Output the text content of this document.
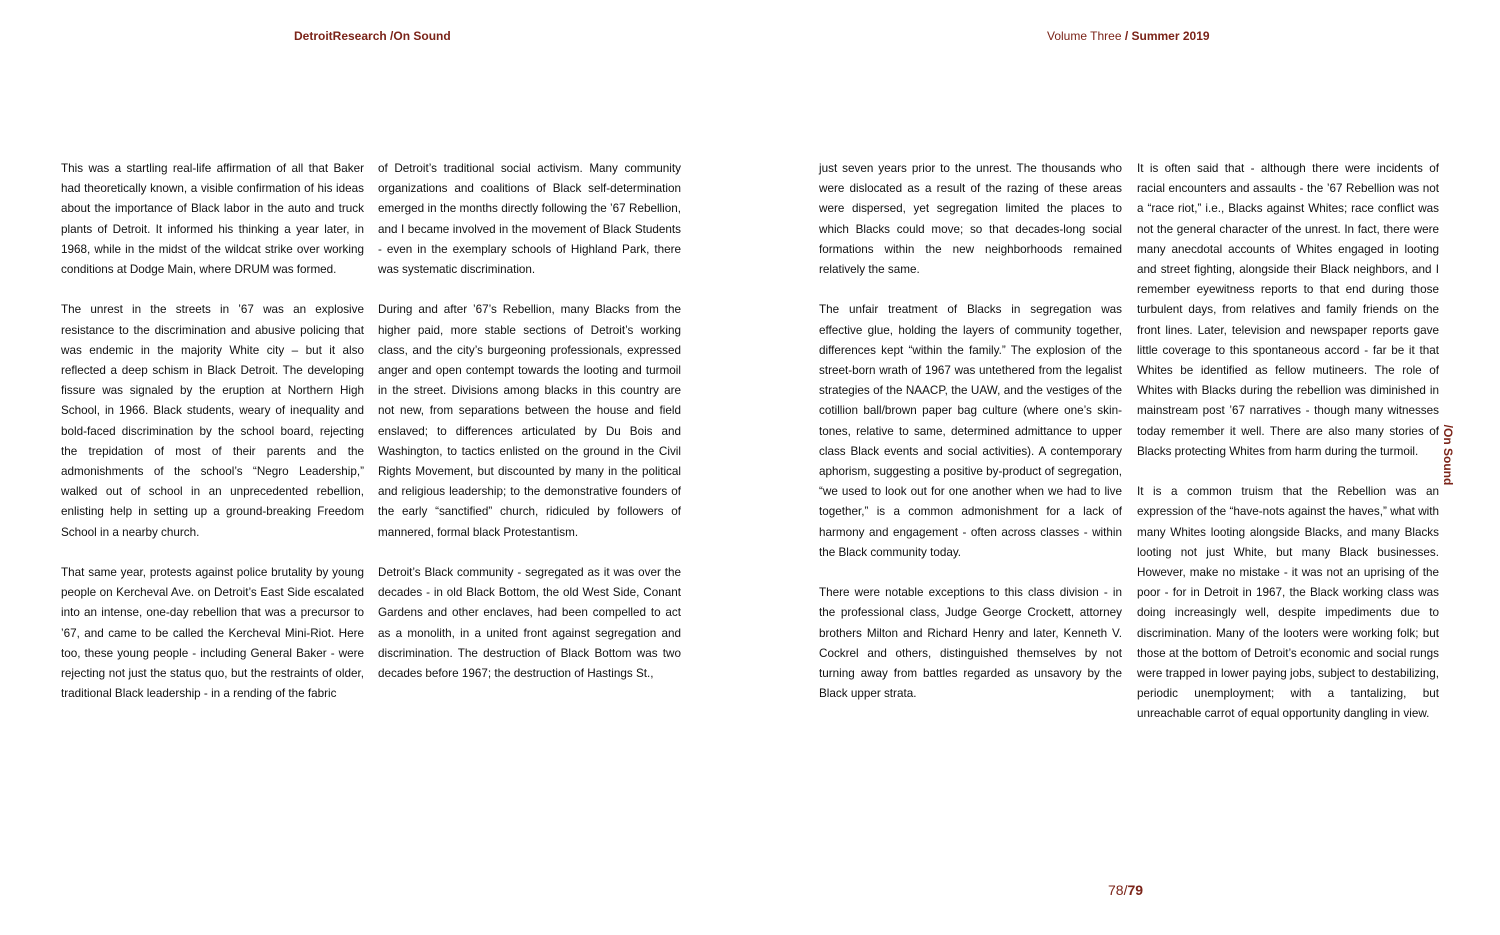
DetroitResearch /On Sound	Volume Three / Summer 2019

This was a startling real-life affirmation of all that Baker had theoretically known, a visible confirmation of his ideas about the importance of Black labor in the auto and truck plants of Detroit. It informed his thinking a year later, in 1968, while in the midst of the wildcat strike over working conditions at Dodge Main, where DRUM was formed.

The unrest in the streets in ’67 was an explosive resistance to the discrimination and abusive policing that was endemic in the majority White city – but it also reflected a deep schism in Black Detroit. The developing fissure was signaled by the eruption at Northern High School, in 1966. Black students, weary of inequality and bold-faced discrimination by the school board, rejecting the trepidation of most of their parents and the admonishments of the school’s “Negro Leadership,” walked out of school in an unprecedented rebellion, enlisting help in setting up a ground-breaking Freedom School in a nearby church.

That same year, protests against police brutality by young people on Kercheval Ave. on Detroit’s East Side escalated into an intense, one-day rebellion that was a precursor to ’67, and came to be called the Kercheval Mini-Riot. Here too, these young people - including General Baker - were rejecting not just the status quo, but the restraints of older, traditional Black leadership - in a rending of the fabric

of Detroit’s traditional social activism. Many community organizations and coalitions of Black self-determination emerged in the months directly following the ’67 Rebellion, and I became involved in the movement of Black Students - even in the exemplary schools of Highland Park, there was systematic discrimination.

During and after ’67’s Rebellion, many Blacks from the higher paid, more stable sections of Detroit’s working class, and the city’s burgeoning professionals, expressed anger and open contempt towards the looting and turmoil in the street. Divisions among blacks in this country are not new, from separations between the house and field enslaved; to differences articulated by Du Bois and Washington, to tactics enlisted on the ground in the Civil Rights Movement, but discounted by many in the political and religious leadership; to the demonstrative founders of the early “sanctified” church, ridiculed by followers of mannered, formal black Protestantism.

Detroit’s Black community - segregated as it was over the decades - in old Black Bottom, the old West Side, Conant Gardens and other enclaves, had been compelled to act as a monolith, in a united front against segregation and discrimination. The destruction of Black Bottom was two decades before 1967; the destruction of Hastings St.,

just seven years prior to the unrest. The thousands who were dislocated as a result of the razing of these areas were dispersed, yet segregation limited the places to which Blacks could move; so that decades-long social formations within the new neighborhoods remained relatively the same.

The unfair treatment of Blacks in segregation was effective glue, holding the layers of community together, differences kept “within the family.” The explosion of the street-born wrath of 1967 was untethered from the legalist strategies of the NAACP, the UAW, and the vestiges of the cotillion ball/brown paper bag culture (where one’s skin-tones, relative to same, determined admittance to upper class Black events and social activities). A contemporary aphorism, suggesting a positive by-product of segregation, “we used to look out for one another when we had to live together,” is a common admonishment for a lack of harmony and engagement - often across classes - within the Black community today.

There were notable exceptions to this class division - in the professional class, Judge George Crockett, attorney brothers Milton and Richard Henry and later, Kenneth V. Cockrel and others, distinguished themselves by not turning away from battles regarded as unsavory by the Black upper strata.

It is often said that - although there were incidents of racial encounters and assaults - the ’67 Rebellion was not a “race riot,” i.e., Blacks against Whites; race conflict was not the general character of the unrest. In fact, there were many anecdotal accounts of Whites engaged in looting and street fighting, alongside their Black neighbors, and I remember eyewitness reports to that end during those turbulent days, from relatives and family friends on the front lines. Later, television and newspaper reports gave little coverage to this spontaneous accord - far be it that Whites be identified as fellow mutineers. The role of Whites with Blacks during the rebellion was diminished in mainstream post ’67 narratives - though many witnesses today remember it well. There are also many stories of Blacks protecting Whites from harm during the turmoil.

It is a common truism that the Rebellion was an expression of the “have-nots against the haves,” what with many Whites looting alongside Blacks, and many Blacks looting not just White, but many Black businesses. However, make no mistake - it was not an uprising of the poor - for in Detroit in 1967, the Black working class was doing increasingly well, despite impediments due to discrimination. Many of the looters were working folk; but those at the bottom of Detroit’s economic and social rungs were trapped in lower paying jobs, subject to destabilizing, periodic unemployment; with a tantalizing, but unreachable carrot of equal opportunity dangling in view.

/On Sound
78/79
